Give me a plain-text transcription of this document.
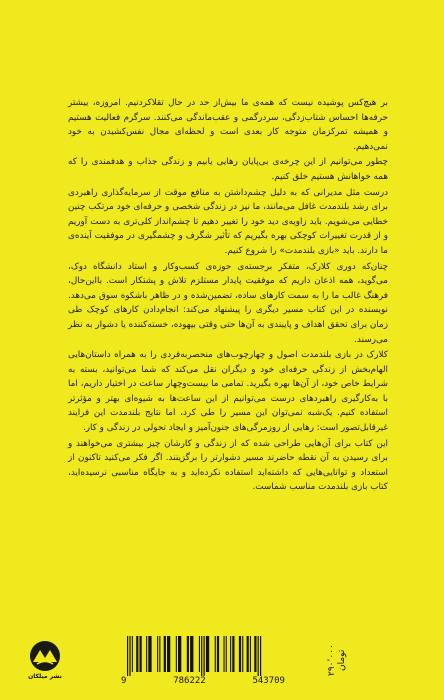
بر هیچ‌کس پوشیده نیست که همه‌ی ما بیش‌از حد در حال تقلاکردنیم. امروزه، بیشتر حرفه‌ها احساس شتاب‌زدگی، سردرگمی و عقب‌ماندگی می‌کنند. سرگرم فعالیت هستیم و همیشه تمرکزمان متوجه کار بعدی است و لحظه‌ای مجال نفس‌کشیدن به خود نمی‌دهیم.

چطور می‌توانیم از این چرخه‌ی بی‌پایان رهایی یابیم و زندگی جذاب و هدفمندی را که همه خواهانش هستیم خلق کنیم.

درست مثل مدیرانی که به دلیل چشم‌داشتن به منافع موقت از سرمایه‌گذاری راهبردی برای رشد بلندمدت غافل می‌مانند، ما نیز در زندگی شخصی و حرفه‌ای خود مرتکب چنین خطایی می‌شویم. باید زاویه‌ی دید خود را تغییر دهیم تا چشم‌انداز کلی‌تری به دست آوریم و از قدرت تغییرات کوچکی بهره بگیریم که تأثیر شگرف و چشمگیری در موفقیت آینده‌ی ما دارند. باید «بازی بلندمدت» را شروع کنیم.

چنان‌که دوری کلارک، متفکر برجسته‌ی حوزه‌ی کسب‌وکار و استاد دانشگاه دوک، می‌گوید، همه اذعان داریم که موفقیت پایدار مستلزم تلاش و پشتکار است. بااین‌حال، فرهنگ غالب ما را به سمت کارهای ساده، تضمین‌شده و در ظاهر باشکوه سوق می‌دهد. نویسنده در این کتاب مسیر دیگری را پیشنهاد می‌کند: انجام‌دادن کارهای کوچک طی زمان برای تحقق اهداف و پایبندی به آن‌ها حتی وقتی بیهوده، خسته‌کننده یا دشوار به نظر می‌رسند.

کلارک در بازی بلندمدت اصول و چهارچوب‌های منحصربه‌فردی را به همراه داستان‌هایی الهام‌بخش از زندگی حرفه‌ای خود و دیگران نقل می‌کند که شما می‌توانید، بسته به شرایط خاص خود، از آن‌ها بهره بگیرید. تمامی ما بیست‌وچهار ساعت در اختیار داریم، اما با به‌کارگیری راهبردهای درست می‌توانیم از این ساعت‌ها به شیوه‌ای بهتر و مؤثرتر استفاده کنیم. یک‌شبه نمی‌توان این مسیر را طی کرد، اما نتایج بلندمدت این فرایند غیرقابل‌تصور است: رهایی از روزمرگی‌های جنون‌آمیز و ایجاد تحولی در زندگی و کار.

این کتاب برای آن‌هایی طراحی شده که از زندگی و کارشان چیز بیشتری می‌خواهند و برای رسیدن به آن نقطه حاضرند مسیر دشوارتر را برگزینند. اگر فکر می‌کنید تاکنون از استعداد و توانایی‌هایی که داشته‌اید استفاده نکرده‌اید و به جایگاه مناسبی نرسیده‌اید، کتاب بازی بلندمدت مناسب شماست.

نشر میلکان	9	786222	543709
۲۹۰٬۰۰۰ تومان
